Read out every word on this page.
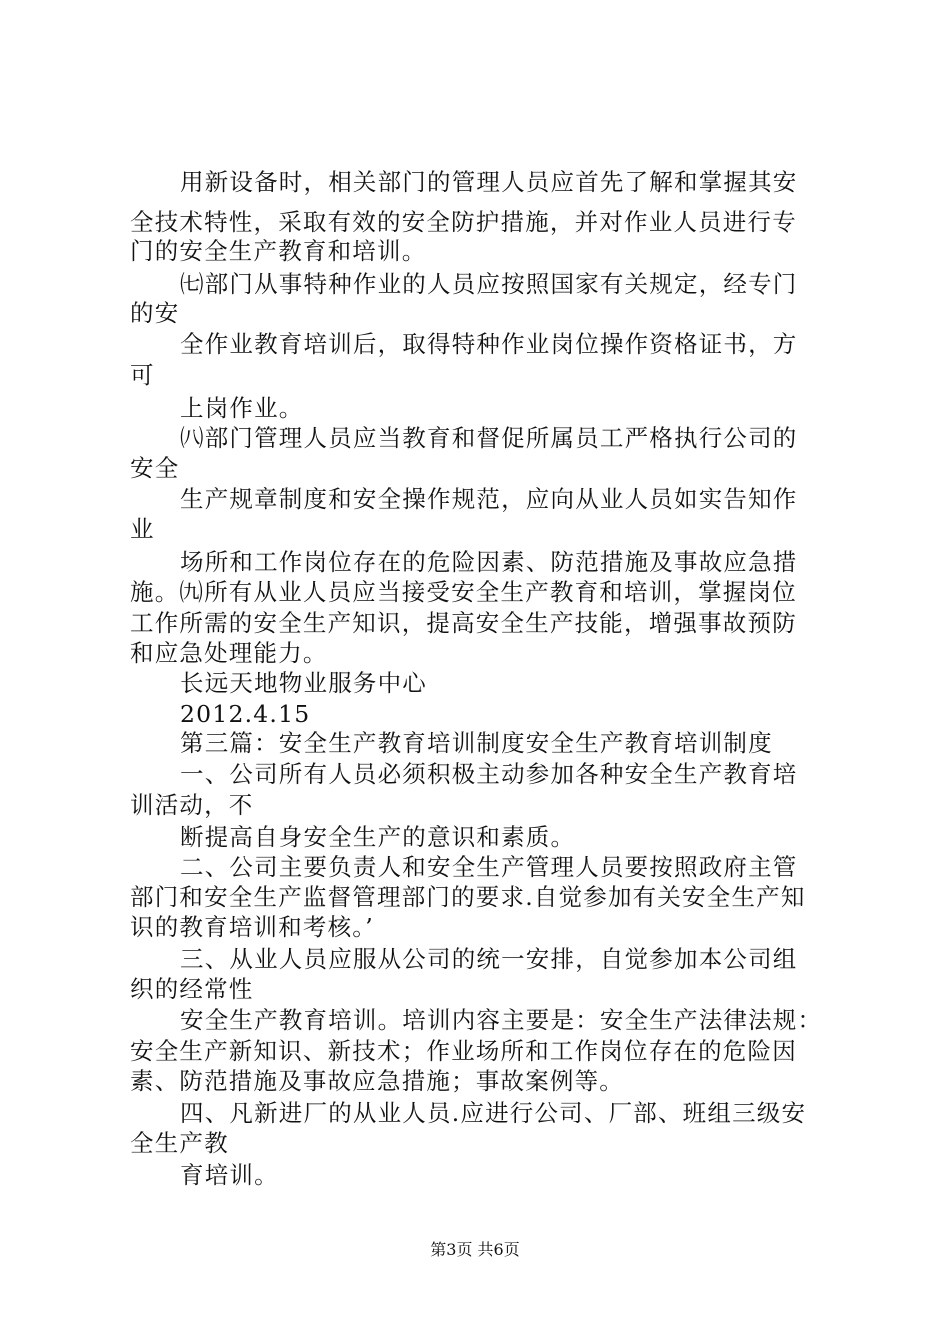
用新设备时，相关部门的管理人员应首先了解和掌握其安
全技术特性，采取有效的安全防护措施，并对作业人员进行专
门的安全生产教育和培训。
㈦部门从事特种作业的人员应按照国家有关规定，经专门
的安
全作业教育培训后，取得特种作业岗位操作资格证书，方
可
上岗作业。
㈧部门管理人员应当教育和督促所属员工严格执行公司的
安全
生产规章制度和安全操作规范，应向从业人员如实告知作
业
场所和工作岗位存在的危险因素、防范措施及事故应急措
施。㈨所有从业人员应当接受安全生产教育和培训，掌握岗位
工作所需的安全生产知识，提高安全生产技能，增强事故预防
和应急处理能力。
长远天地物业服务中心
2012.4.15
第三篇：安全生产教育培训制度安全生产教育培训制度
一、公司所有人员必须积极主动参加各种安全生产教育培
训活动，不
断提高自身安全生产的意识和素质。
二、公司主要负责人和安全生产管理人员要按照政府主管
部门和安全生产监督管理部门的要求.自觉参加有关安全生产知
识的教育培训和考核。’
三、从业人员应服从公司的统一安排，自觉参加本公司组
织的经常性
安全生产教育培训。培训内容主要是：安全生产法律法规：
安全生产新知识、新技术；作业场所和工作岗位存在的危险因
素、防范措施及事故应急措施；事故案例等。
四、凡新进厂的从业人员.应进行公司、厂部、班组三级安
全生产教
育培训。
第3页 共6页
